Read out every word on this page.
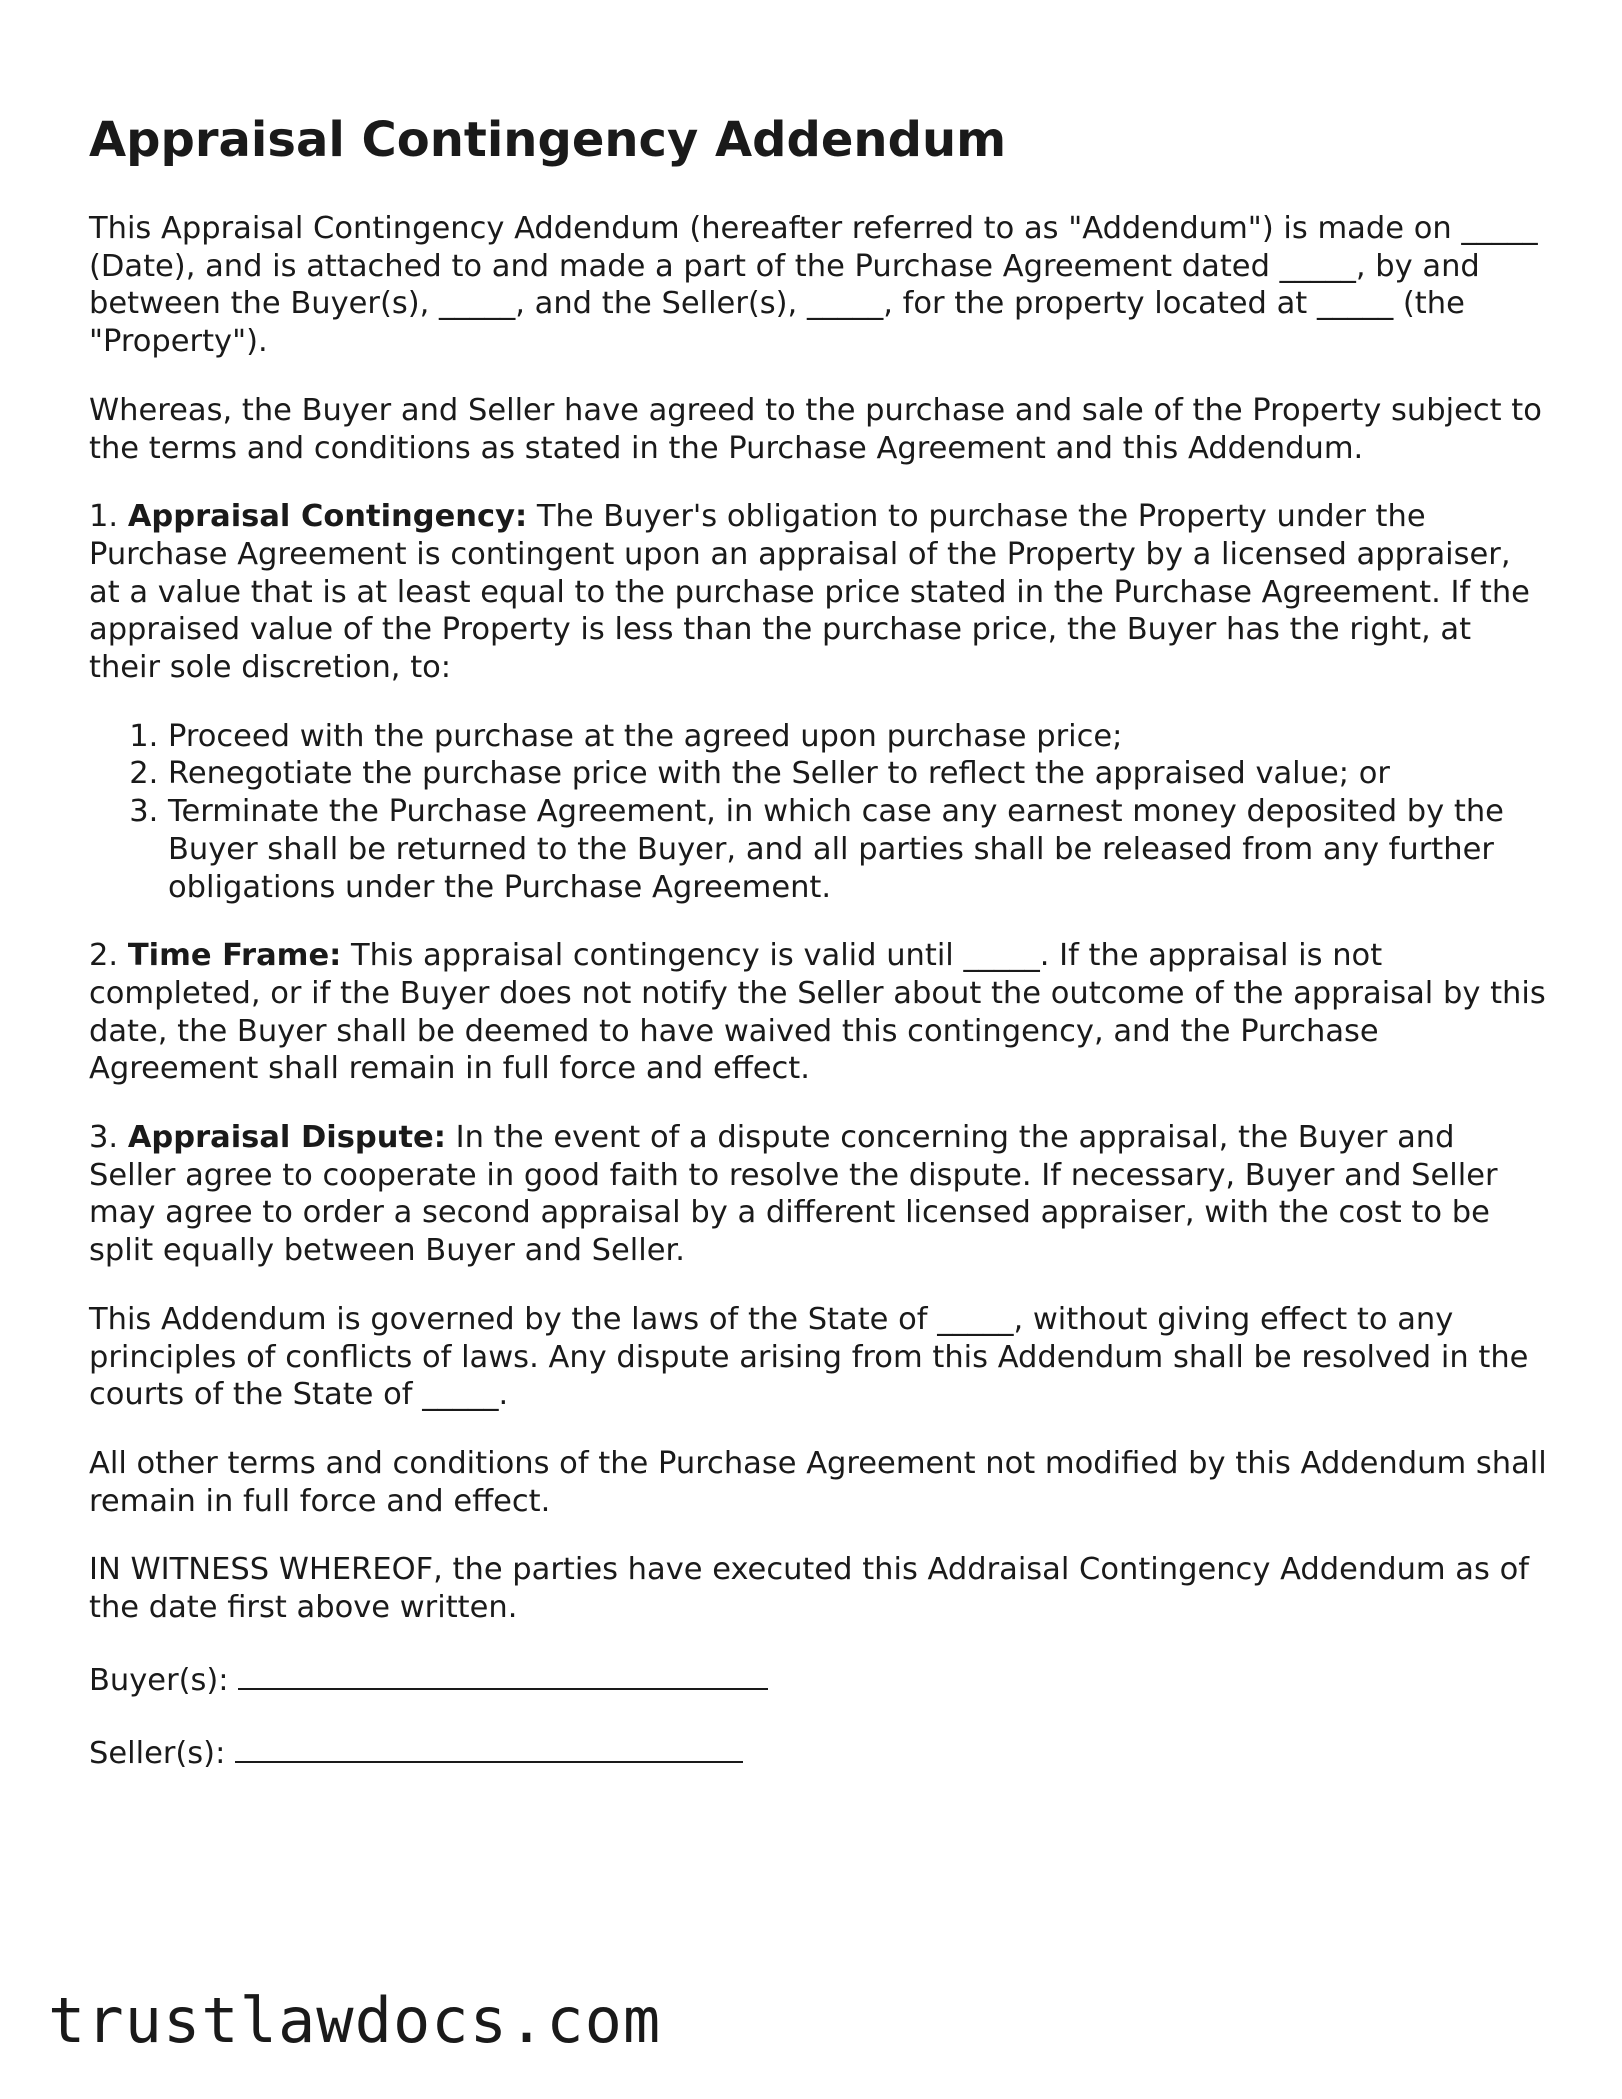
Appraisal Contingency Addendum

This Appraisal Contingency Addendum (hereafter referred to as "Addendum") is made on _____ (Date), and is attached to and made a part of the Purchase Agreement dated _____, by and between the Buyer(s), _____, and the Seller(s), _____, for the property located at _____ (the "Property").

Whereas, the Buyer and Seller have agreed to the purchase and sale of the Property subject to the terms and conditions as stated in the Purchase Agreement and this Addendum.

1. Appraisal Contingency: The Buyer's obligation to purchase the Property under the Purchase Agreement is contingent upon an appraisal of the Property by a licensed appraiser, at a value that is at least equal to the purchase price stated in the Purchase Agreement. If the appraised value of the Property is less than the purchase price, the Buyer has the right, at their sole discretion, to:

1. Proceed with the purchase at the agreed upon purchase price;
2. Renegotiate the purchase price with the Seller to reflect the appraised value; or
3. Terminate the Purchase Agreement, in which case any earnest money deposited by the Buyer shall be returned to the Buyer, and all parties shall be released from any further obligations under the Purchase Agreement.

2. Time Frame: This appraisal contingency is valid until _____. If the appraisal is not completed, or if the Buyer does not notify the Seller about the outcome of the appraisal by this date, the Buyer shall be deemed to have waived this contingency, and the Purchase Agreement shall remain in full force and effect.

3. Appraisal Dispute: In the event of a dispute concerning the appraisal, the Buyer and Seller agree to cooperate in good faith to resolve the dispute. If necessary, Buyer and Seller may agree to order a second appraisal by a different licensed appraiser, with the cost to be split equally between Buyer and Seller.

This Addendum is governed by the laws of the State of _____, without giving effect to any principles of conflicts of laws. Any dispute arising from this Addendum shall be resolved in the courts of the State of _____.

All other terms and conditions of the Purchase Agreement not modified by this Addendum shall remain in full force and effect.

IN WITNESS WHEREOF, the parties have executed this Addraisal Contingency Addendum as of the date first above written.

Buyer(s):

Seller(s):

trustlawdocs.com
